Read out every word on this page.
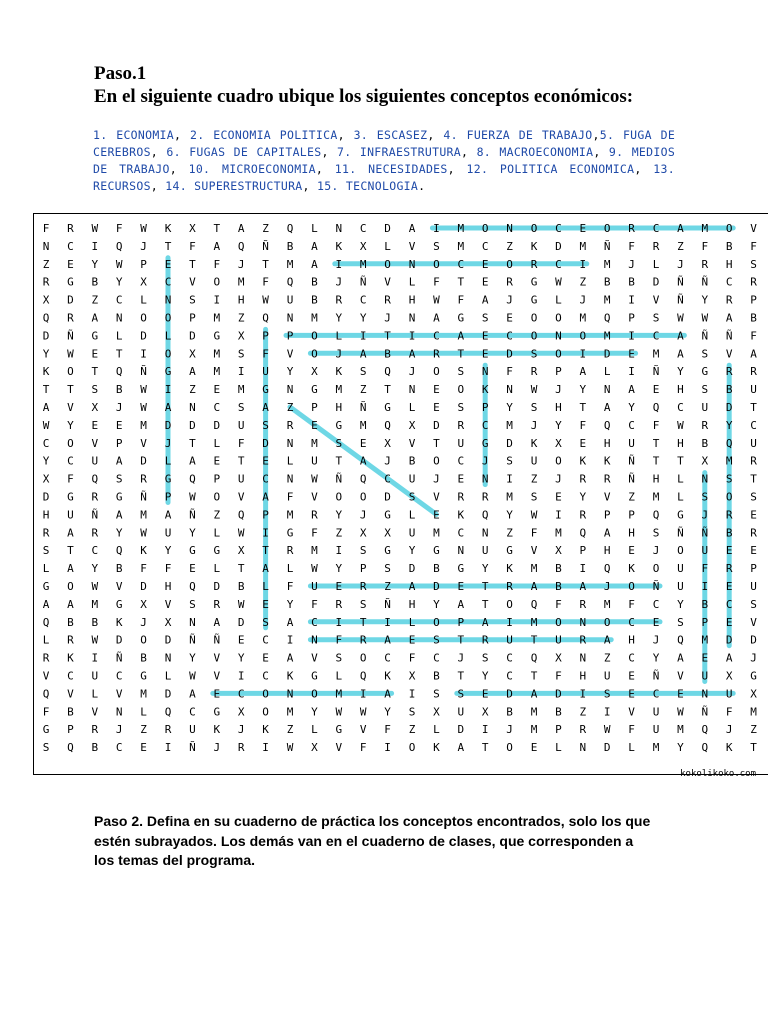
Paso.1
En el siguiente cuadro ubique los siguientes conceptos económicos:
1. ECONOMIA, 2. ECONOMIA POLITICA, 3. ESCASEZ, 4. FUERZA DE TRABAJO,5. FUGA DE CEREBROS, 6. FUGAS DE CAPITALES, 7. INFRAESTRUTURA, 8. MACROECONOMIA, 9. MEDIOS DE TRABAJO, 10. MICROECONOMIA, 11. NECESIDADES, 12. POLITICA ECONOMICA, 13. RECURSOS, 14. SUPERESTRUCTURA, 15. TECNOLOGIA.
F R W F W K X T A Z Q L N C D A I M O N O C E O R C A M O V
N C I Q J T F A Q Ñ B A K X L V S M C Z K D M Ñ F R Z F B F
Z E Y W P E T F J T M A I M O N O C E O R C I M J L J R H S
R G B Y X C V O M F Q B J Ñ V L F T E R G W Z B B D Ñ Ñ C R
X D Z C L N S I H W U B R C R H W F A J G L J M I V Ñ Y R P
Q R A N O O P M Z Q N M Y Y J N A G S E O O M Q P S W W A B
D Ñ G L D L D G X P P O L I T I C A E C O N O M I C A Ñ Ñ F
Y W E T I O X M S F V O J A B A R T E D S O I D E M A S V A
K O T Q Ñ G A M I U Y X K S Q J O S N F R P A L I Ñ Y G R R
T T S B W I Z E M G N G M Z T N E O K N W J Y N A E H S B U
A V X J W A N C S A Z P H Ñ G L E S P Y S H T A Y Q C U D T
W Y E E M D D D U S R E G M Q X D R C M J Y F Q C F W R Y C
C O V P V J T L F D N M S E X V T U G D K X E H U T H B Q U
Y C U A D L A E T E L U T A J B O C J S U O K K Ñ T T X M R
X F Q S R G Q P U C N W Ñ Q C U J E N I Z J R R Ñ H L N S T
D G R G Ñ P W O V A F V O O D S V R R M S E Y V Z M L S O S
H U Ñ A M A Ñ Z Q P M R Y J G L E K Q Y W I R P P Q G J R E
R A R Y W U Y L W I G F Z X X U M C N Z F M Q A H S Ñ Ñ B R
S T C Q K Y G G X T R M I S G Y G N U G V X P H E J O U E E
L A Y B F F E L T A L W Y P S D B G Y K M B I Q K O U F R P
G O W V D H Q D B L F U E R Z A D E T R A B A J O Ñ U I E U
A A M G X V S R W E Y F R S Ñ H Y A T O Q F R M F C Y B C S
Q B B K J X N A D S A C I T I L O P A I M O N O C E S P E V
L R W D O D Ñ Ñ E C I N F R A E S T R U T U R A H J Q M D D
R K I Ñ B N Y V Y E A V S O C F C J S C Q X N Z C Y A E A J
V C U C G L W V I C K G L Q K X B T Y C T F H U E Ñ V U X G
Q V L V M D A E C O N O M I A I S S E D A D I S E C E N U X
F B V N L Q C G X O M Y W W Y S X U X B M B Z I V U W Ñ F M
G P R J Z R U K J K Z L G V F Z L D I J M P R W F U M Q J Z
S Q B C E I Ñ J R I W X V F I O K A T O E L N D L M Y Q K T
kokolikoko.com

Paso 2. Defina en su cuaderno de práctica los conceptos encontrados, solo los que estén subrayados. Los demás van en el cuaderno de clases, que corresponden a los temas del programa.
